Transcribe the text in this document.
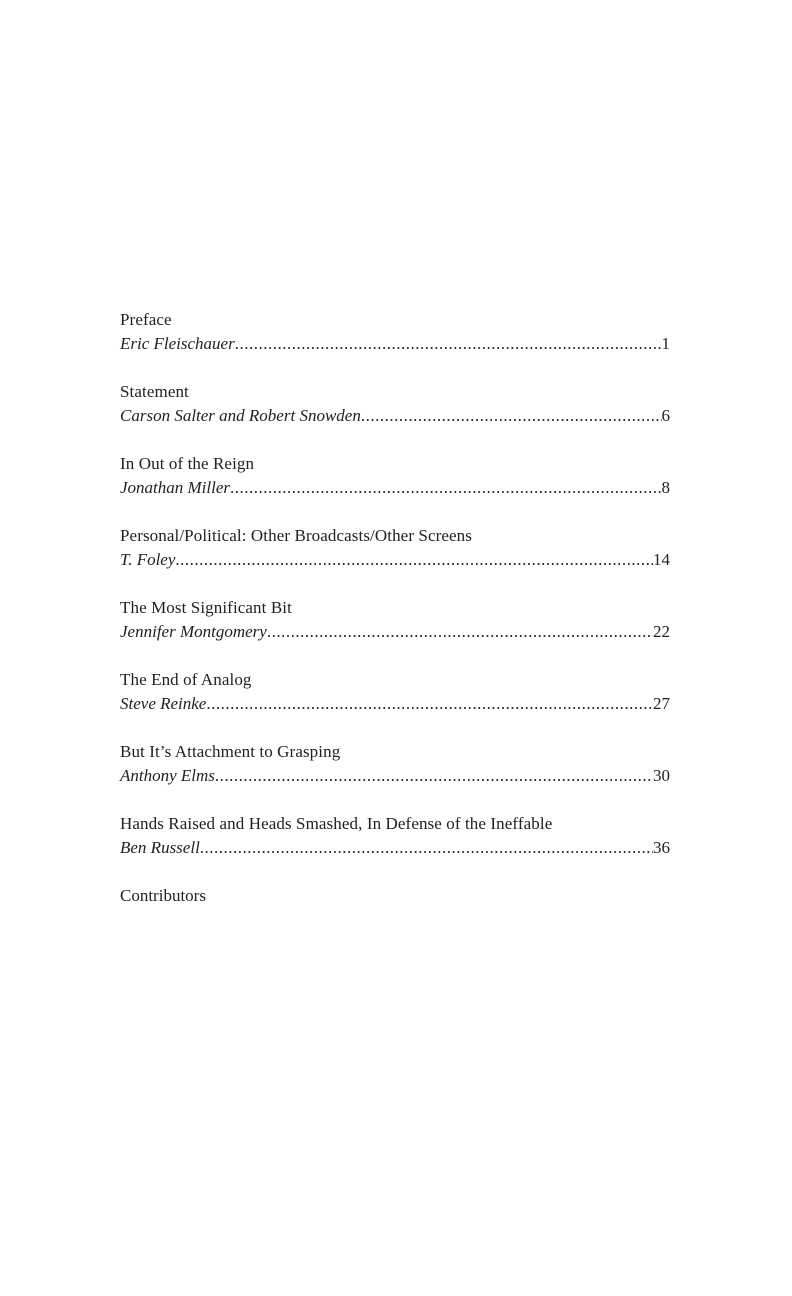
Preface
Eric Fleischauer .....	1
Statement
Carson Salter and Robert Snowden .....	6
In Out of the Reign
Jonathan Miller .....	8
Personal/Political: Other Broadcasts/Other Screens
T. Foley .....	14
The Most Significant Bit
Jennifer Montgomery .....	22
The End of Analog
Steve Reinke .....	27
But It’s Attachment to Grasping
Anthony Elms .....	30
Hands Raised and Heads Smashed, In Defense of the Ineffable
Ben Russell .....	36
Contributors
